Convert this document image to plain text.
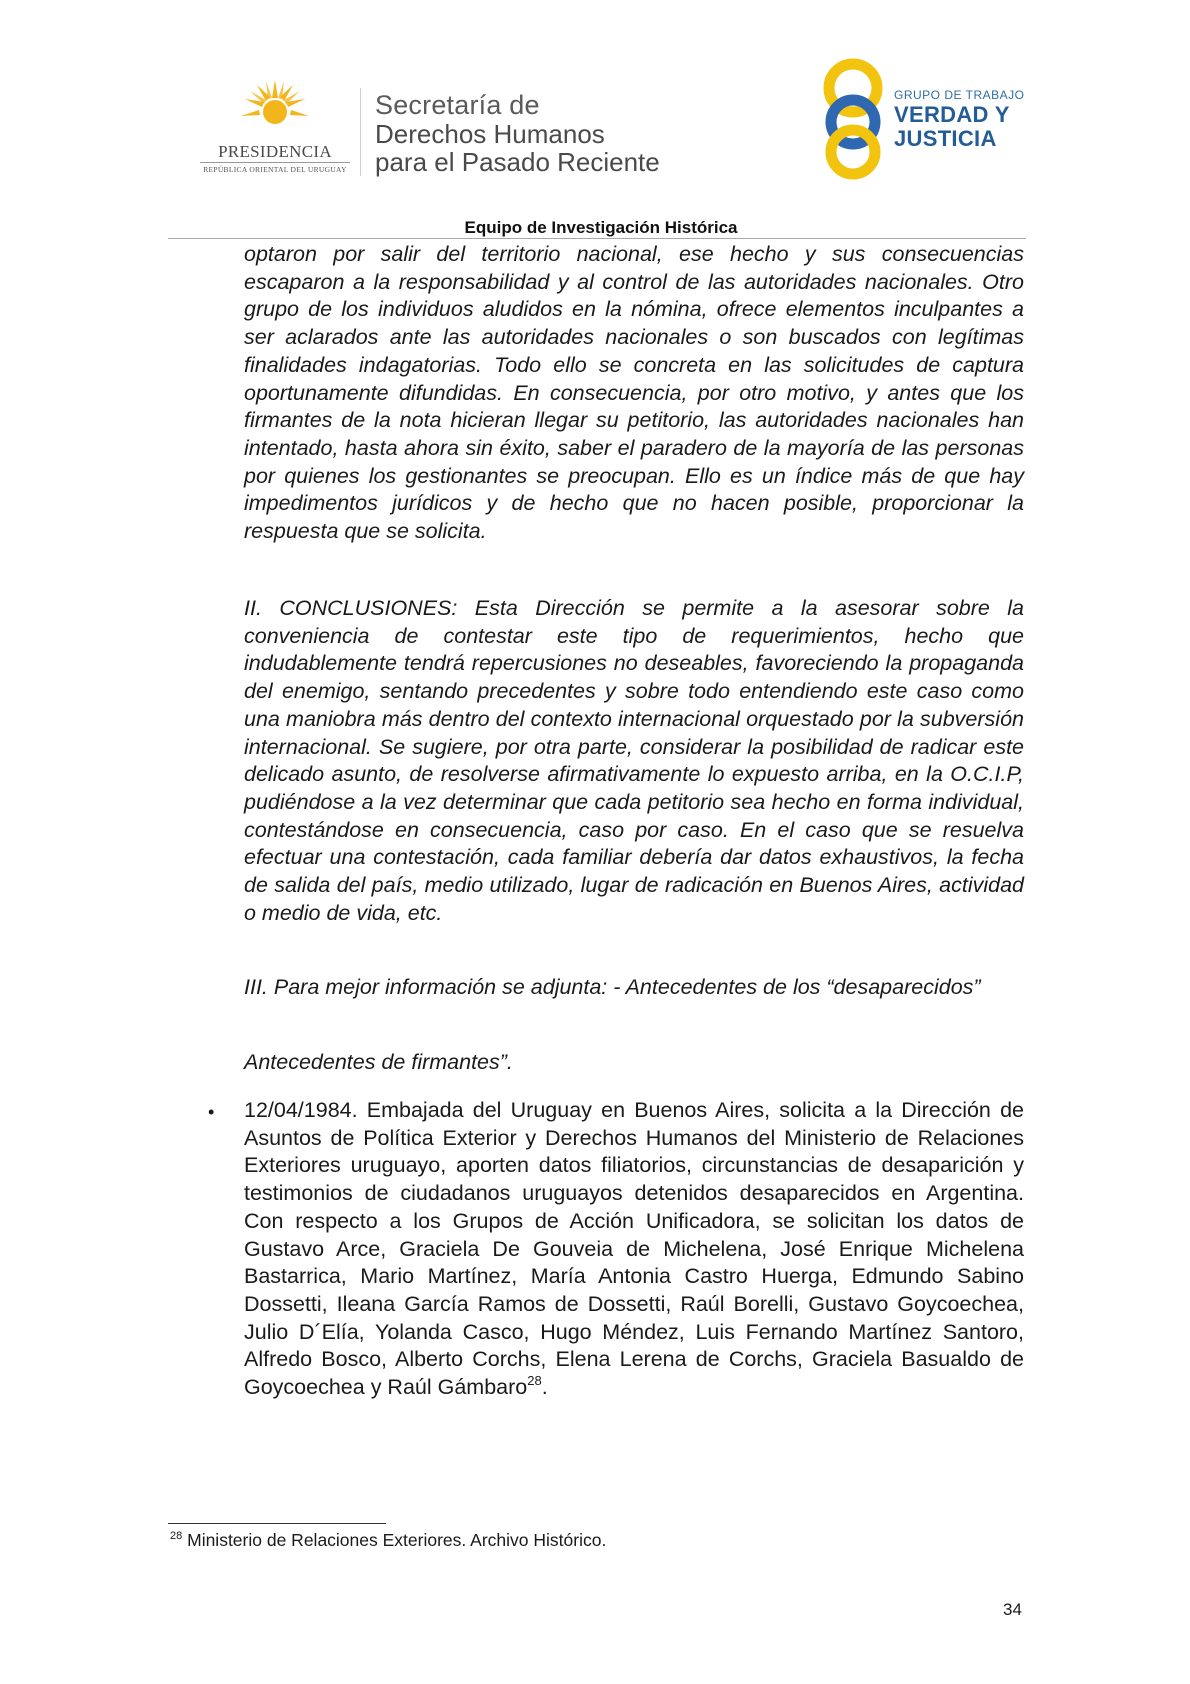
PRESIDENCIA
REPÚBLICA ORIENTAL DEL URUGUAY
Secretaría de
Derechos Humanos
para el Pasado Reciente
GRUPO DE TRABAJO
VERDAD Y
JUSTICIA
Equipo de Investigación Histórica
optaron por salir del territorio nacional, ese hecho y sus consecuencias escaparon a la responsabilidad y al control de las autoridades nacionales. Otro grupo de los individuos aludidos en la nómina, ofrece elementos inculpantes a ser aclarados ante las autoridades nacionales o son buscados con legítimas finalidades indagatorias. Todo ello se concreta en las solicitudes de captura oportunamente difundidas. En consecuencia, por otro motivo, y antes que los firmantes de la nota hicieran llegar su petitorio, las autoridades nacionales han intentado, hasta ahora sin éxito, saber el paradero de la mayoría de las personas por quienes los gestionantes se preocupan. Ello es un índice más de que hay impedimentos jurídicos y de hecho que no hacen posible, proporcionar la respuesta que se solicita.
II. CONCLUSIONES: Esta Dirección se permite a la asesorar sobre la conveniencia de contestar este tipo de requerimientos, hecho que indudablemente tendrá repercusiones no deseables, favoreciendo la propaganda del enemigo, sentando precedentes y sobre todo entendiendo este caso como una maniobra más dentro del contexto internacional orquestado por la subversión internacional. Se sugiere, por otra parte, considerar la posibilidad de radicar este delicado asunto, de resolverse afirmativamente lo expuesto arriba, en la O.C.I.P, pudiéndose a la vez determinar que cada petitorio sea hecho en forma individual, contestándose en consecuencia, caso por caso. En el caso que se resuelva efectuar una contestación, cada familiar debería dar datos exhaustivos, la fecha de salida del país, medio utilizado, lugar de radicación en Buenos Aires, actividad o medio de vida, etc.
III. Para mejor información se adjunta: - Antecedentes de los “desaparecidos”
Antecedentes de firmantes”.
• 12/04/1984. Embajada del Uruguay en Buenos Aires, solicita a la Dirección de Asuntos de Política Exterior y Derechos Humanos del Ministerio de Relaciones Exteriores uruguayo, aporten datos filiatorios, circunstancias de desaparición y testimonios de ciudadanos uruguayos detenidos desaparecidos en Argentina. Con respecto a los Grupos de Acción Unificadora, se solicitan los datos de Gustavo Arce, Graciela De Gouveia de Michelena, José Enrique Michelena Bastarrica, Mario Martínez, María Antonia Castro Huerga, Edmundo Sabino Dossetti, Ileana García Ramos de Dossetti, Raúl Borelli, Gustavo Goycoechea, Julio D´Elía, Yolanda Casco, Hugo Méndez, Luis Fernando Martínez Santoro, Alfredo Bosco, Alberto Corchs, Elena Lerena de Corchs, Graciela Basualdo de Goycoechea y Raúl Gámbaro$^{28}$.
$^{28}$ Ministerio de Relaciones Exteriores. Archivo Histórico.
34
